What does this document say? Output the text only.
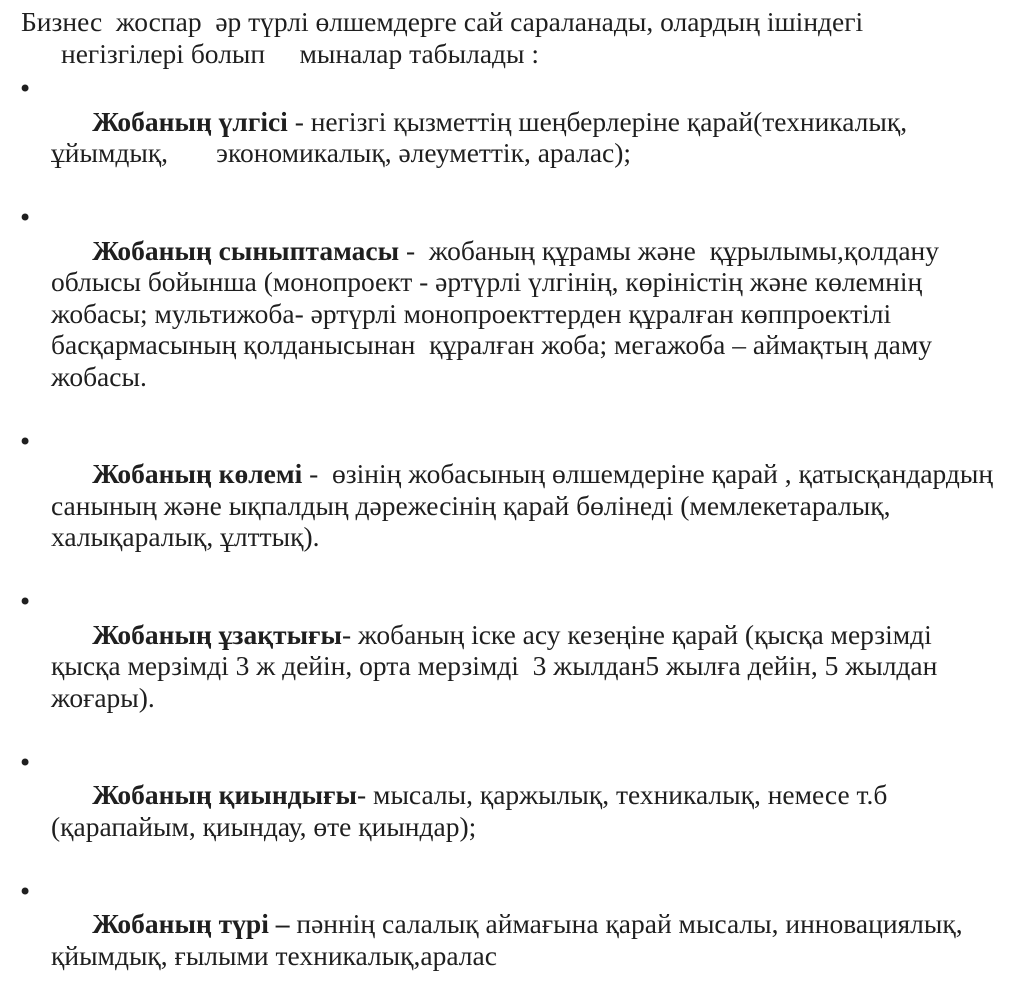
Бизнес  жоспар  әр түрлі өлшемдерге сай сараланады, олардың ішіндегі
негізгілері болып     мыналар табылады :

•
Жобаның үлгісі - негізгі қызметтің шеңберлеріне қарай(техникалық, ұйымдық,       экономикалық, әлеуметтік, аралас);

•
Жобаның сыныптамасы -  жобаның құрамы және  құрылымы,қолдану облысы бойынша (монопроект - әртүрлі үлгінің, көріністің және көлемнің жобасы; мультижоба- әртүрлі монопроекттерден құралған көппроектілі басқармасының қолданысынан  құралған жоба; мегажоба – аймақтың даму жобасы.

•
Жобаның көлемі -  өзінің жобасының өлшемдеріне қарай , қатысқандардың санының және ықпалдың дәрежесінің қарай бөлінеді (мемлекетаралық, халықаралық, ұлттық).

•
Жобаның ұзақтығы- жобаның іске асу кезеңіне қарай (қысқа мерзімді қысқа мерзімді 3 ж дейін, орта мерзімді  3 жылдан5 жылға дейін, 5 жылдан жоғары).

•
Жобаның қиындығы- мысалы, қаржылық, техникалық, немесе т.б (қарапайым, қиындау, өте қиындар);

•
Жобаның түрі – пәннің салалық аймағына қарай мысалы, инновациялық, қйымдық, ғылыми техникалық,аралас
